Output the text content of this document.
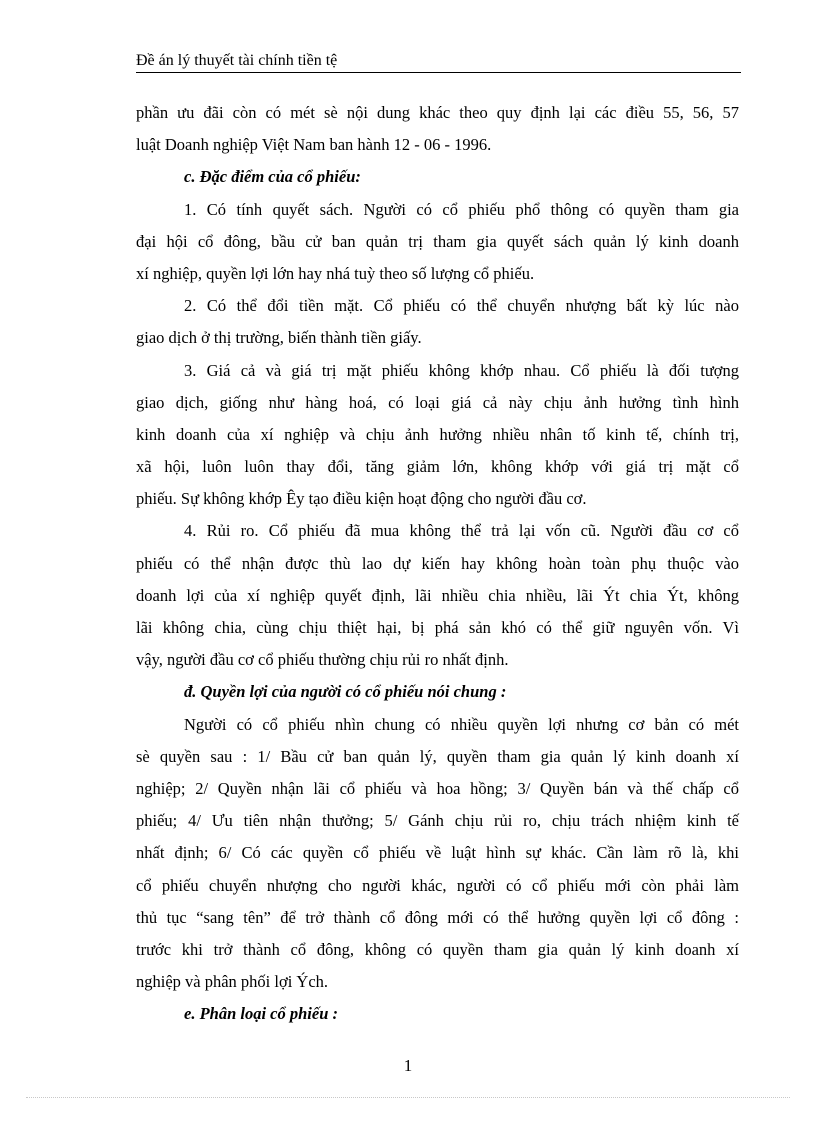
Đề án lý thuyết tài chính tiền tệ
phần ưu đãi còn có mét sè nội dung khác theo quy định lại các điều 55, 56, 57
luật Doanh nghiệp Việt Nam ban hành 12 - 06 - 1996.
c. Đặc điểm của cổ phiếu:
1. Có tính quyết sách. Người có cổ phiếu phổ thông có quyền tham gia
đại hội cổ đông, bầu cử ban quản trị tham gia quyết sách quản lý kinh doanh
xí nghiệp, quyền lợi lớn hay nhá tuỳ theo số lượng cổ phiếu.
2. Có thể đổi tiền mặt. Cổ phiếu có thể chuyển nhượng bất kỳ lúc nào
giao dịch ở thị trường, biến thành tiền giấy.
3. Giá cả và giá trị mặt phiếu không khớp nhau. Cổ phiếu là đối tượng
giao dịch, giống như hàng hoá, có loại giá cả này chịu ảnh hưởng tình hình
kinh doanh của xí nghiệp và chịu ảnh hưởng nhiều nhân tố kinh tế, chính trị,
xã hội, luôn luôn thay đổi, tăng giảm lớn, không khớp với giá trị mặt cổ
phiếu. Sự không khớp Êy tạo điều kiện hoạt động cho người đầu cơ.
4. Rủi ro. Cổ phiếu đã mua không thể trả lại vốn cũ. Người đầu cơ cổ
phiếu có thể nhận được thù lao dự kiến hay không hoàn toàn phụ thuộc vào
doanh lợi của xí nghiệp quyết định, lãi nhiều chia nhiều, lãi Ýt chia Ýt, không
lãi không chia, cùng chịu thiệt hại, bị phá sản khó có thể giữ nguyên vốn. Vì
vậy, người đầu cơ cổ phiếu thường chịu rủi ro nhất định.
đ. Quyền lợi của người có cổ phiếu nói chung :
Người có cổ phiếu nhìn chung có nhiều quyền lợi nhưng cơ bản có mét
sè quyền sau : 1/ Bầu cử ban quản lý, quyền tham gia quản lý kinh doanh xí
nghiệp; 2/ Quyền nhận lãi cổ phiếu và hoa hồng; 3/ Quyền bán và thế chấp cổ
phiếu; 4/ Ưu tiên nhận thưởng; 5/ Gánh chịu rủi ro, chịu trách nhiệm kinh tế
nhất định; 6/ Có các quyền cổ phiếu về luật hình sự khác. Cần làm rõ là, khi
cổ phiếu chuyển nhượng cho người khác, người có cổ phiếu mới còn phải làm
thủ tục “sang tên” để trở thành cổ đông mới có thể hưởng quyền lợi cổ đông :
trước khi trở thành cổ đông, không có quyền tham gia quản lý kinh doanh xí
nghiệp và phân phối lợi Ých.
e. Phân loại cổ phiếu :
1
